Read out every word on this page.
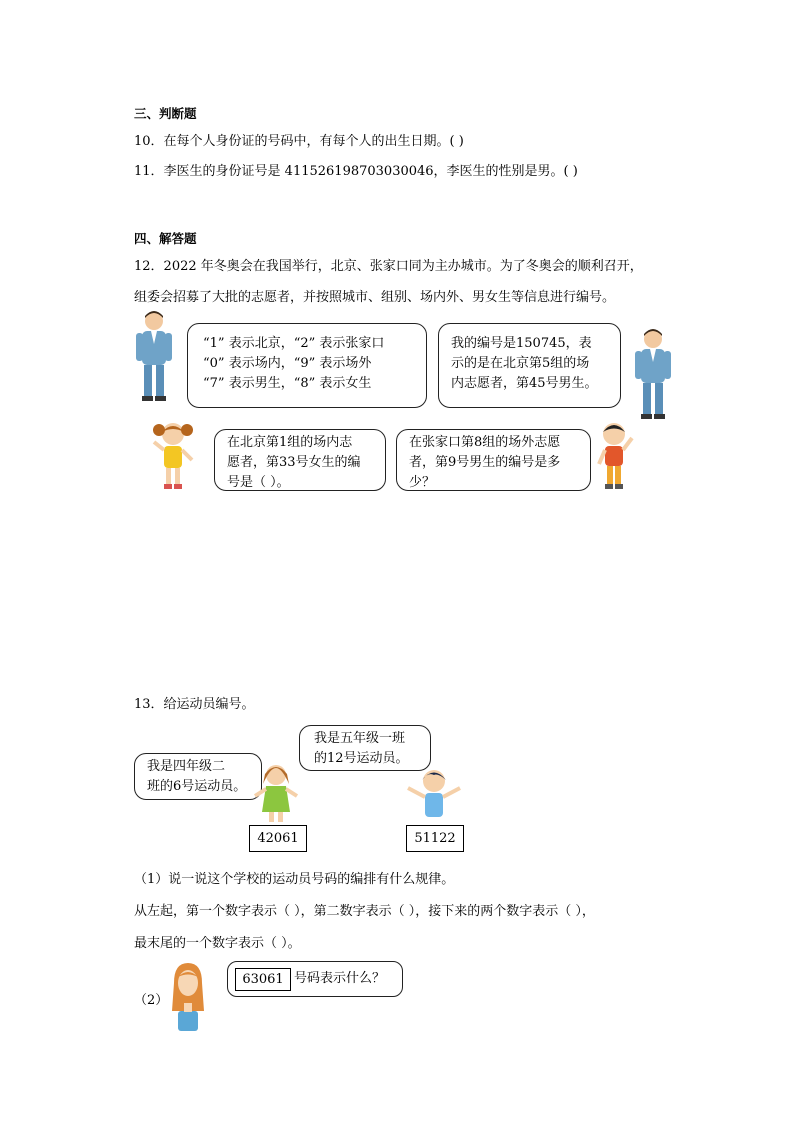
三、判断题
10．在每个人身份证的号码中，有每个人的出生日期。( )
11．李医生的身份证号是 411526198703030046，李医生的性别是男。( )
四、解答题
12．2022 年冬奥会在我国举行，北京、张家口同为主办城市。为了冬奥会的顺利召开，
组委会招募了大批的志愿者，并按照城市、组别、场内外、男女生等信息进行编号。
“1” 表示北京，“2” 表示张家口
“0” 表示场内，“9” 表示场外
“7” 表示男生，“8” 表示女生
我的编号是150745，表
示的是在北京第5组的场
内志愿者，第45号男生。
在北京第1组的场内志
愿者，第33号女生的编
号是（ ）。
在张家口第8组的场外志愿
者，第9号男生的编号是多
少？
13．给运动员编号。
我是四年级二
班的6号运动员。
我是五年级一班
的12号运动员。
42061	51122
（1）说一说这个学校的运动员号码的编排有什么规律。
从左起，第一个数字表示（ ），第二数字表示（ ），接下来的两个数字表示（ ），
最末尾的一个数字表示（ ）。
（2）
63061 号码表示什么？
